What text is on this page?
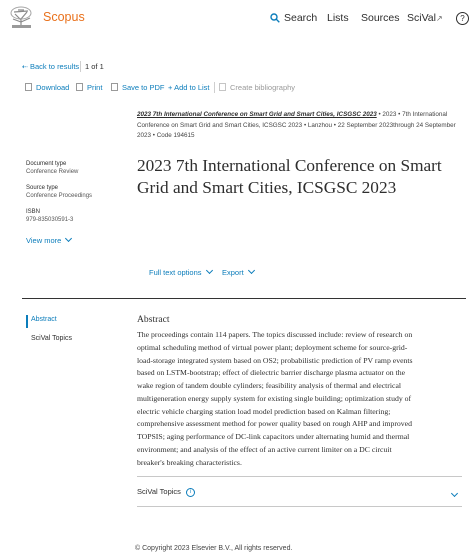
Scopus	Search Lists Sources SciVal↗	?
⇠ Back to results 1 of 1
Download	Print	Save to PDF + Add to List	Create bibliography
2023 7th International Conference on Smart Grid and Smart Cities, ICSGSC 2023 • 2023 • 7th International
Conference on Smart Grid and Smart Cities, ICSGSC 2023 • Lanzhou • 22 September 2023through 24 September
2023 • Code 194615
2023 7th International Conference on Smart
Grid and Smart Cities, ICSGSC 2023
Document type
Conference Review
Source type
Conference Proceedings
ISBN
979-835030591-3
View more
Full text options	Export
Abstract
SciVal Topics
Abstract
The proceedings contain 114 papers. The topics discussed include: review of research on
optimal scheduling method of virtual power plant; deployment scheme for source-grid-
load-storage integrated system based on OS2; probabilistic prediction of PV ramp events
based on LSTM-bootstrap; effect of dielectric barrier discharge plasma actuator on the
wake region of tandem double cylinders; feasibility analysis of thermal and electrical
multigeneration energy supply system for existing single building; optimization study of
electric vehicle charging station load model prediction based on Kalman filtering;
comprehensive assessment method for power quality based on rough AHP and improved
TOPSIS; aging performance of DC-link capacitors under alternating humid and thermal
environment; and analysis of the effect of an active current limiter on a DC circuit
breaker's breaking characteristics.
SciVal Topics i
© Copyright 2023 Elsevier B.V., All rights reserved.
